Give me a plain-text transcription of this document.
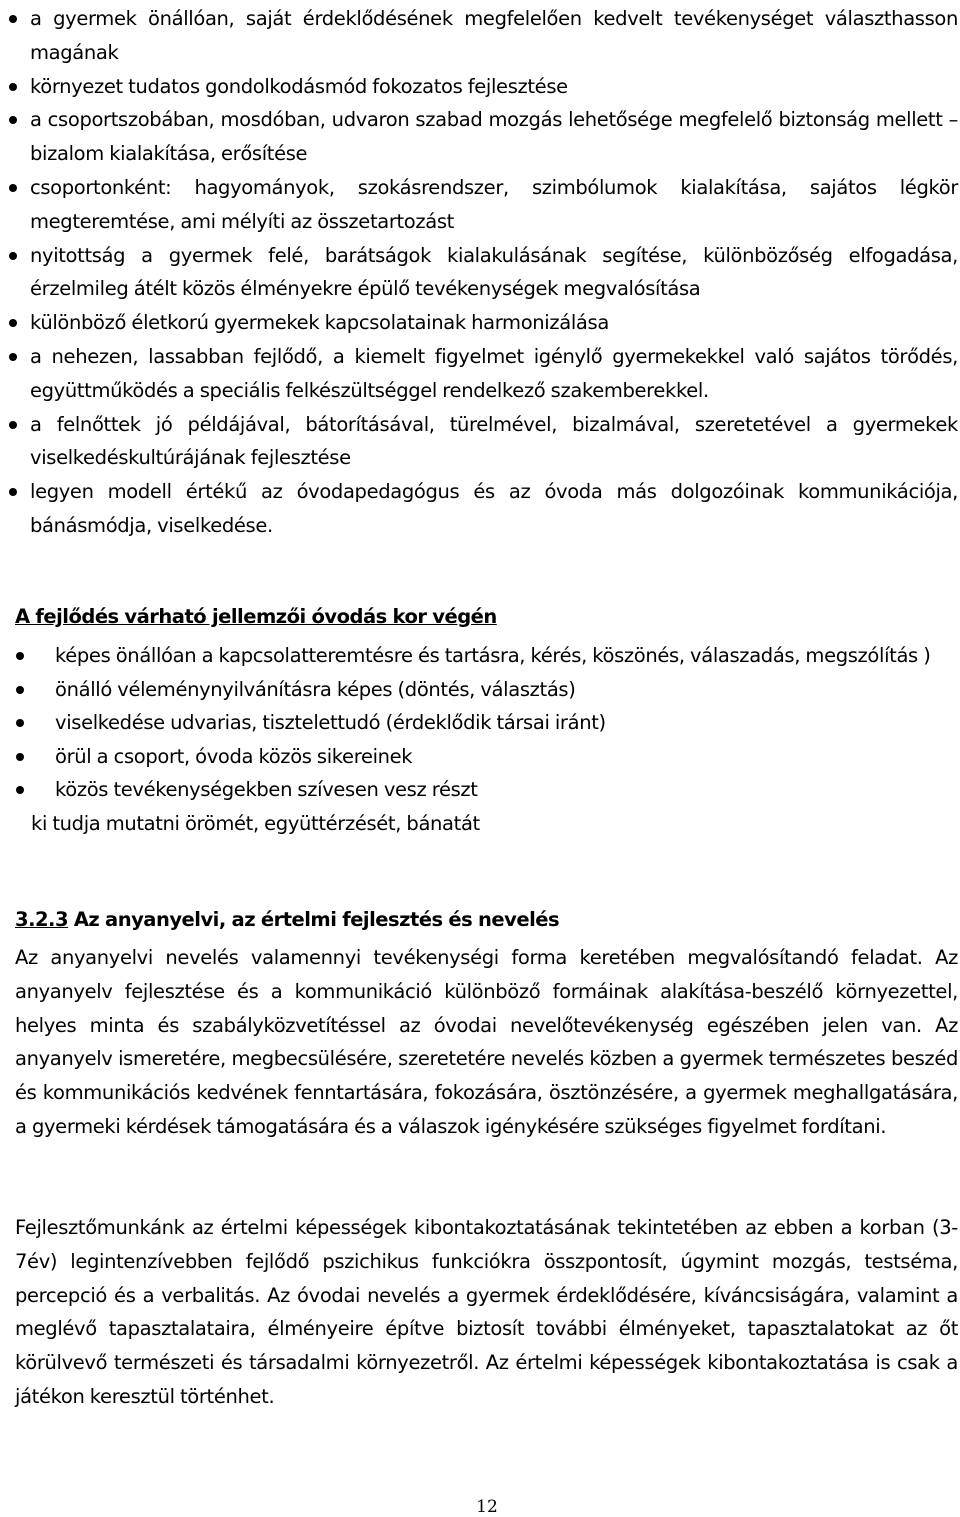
a gyermek önállóan, saját érdeklődésének megfelelően kedvelt tevékenységet választhasson magának
környezet tudatos gondolkodásmód fokozatos fejlesztése
a csoportszobában, mosdóban, udvaron szabad mozgás lehetősége megfelelő biztonság mellett – bizalom kialakítása, erősítése
csoportonként: hagyományok, szokásrendszer, szimbólumok kialakítása, sajátos légkör megteremtése, ami mélyíti az összetartozást
nyitottság a gyermek felé, barátságok kialakulásának segítése, különbözőség elfogadása, érzelmileg átélt közös élményekre épülő tevékenységek megvalósítása
különböző életkorú gyermekek kapcsolatainak harmonizálása
a nehezen, lassabban fejlődő, a kiemelt figyelmet igénylő gyermekekkel való sajátos törődés, együttműködés a speciális felkészültséggel rendelkező szakemberekkel.
a felnőttek jó példájával, bátorításával, türelmével, bizalmával, szeretetével a gyermekek viselkedéskultúrájának fejlesztése
legyen modell értékű az óvodapedagógus és az óvoda más dolgozóinak kommunikációja, bánásmódja, viselkedése.
A fejlődés várható jellemzői óvodás kor végén
képes önállóan a kapcsolatteremtésre és tartásra, kérés, köszönés, válaszadás, megszólítás )
önálló véleménynyilvánításra képes (döntés, választás)
viselkedése udvarias, tisztelettudó (érdeklődik társai iránt)
örül a csoport, óvoda közös sikereinek
közös tevékenységekben szívesen vesz részt
ki tudja mutatni örömét, együttérzését, bánatát
3.2.3 Az anyanyelvi, az értelmi fejlesztés és nevelés

Az anyanyelvi nevelés valamennyi tevékenységi forma keretében megvalósítandó feladat. Az anyanyelv fejlesztése és a kommunikáció különböző formáinak alakítása-beszélő környezettel, helyes minta és szabályközvetítéssel az óvodai nevelőtevékenység egészében jelen van. Az anyanyelv ismeretére, megbecsülésére, szeretetére nevelés közben a gyermek természetes beszéd és kommunikációs kedvének fenntartására, fokozására, ösztönzésére, a gyermek meghallgatására, a gyermeki kérdések támogatására és a válaszok igénykésére szükséges figyelmet fordítani.

Fejlesztőmunkánk az értelmi képességek kibontakoztatásának tekintetében az ebben a korban (3-7év) legintenzívebben fejlődő pszichikus funkciókra összpontosít, úgymint mozgás, testséma, percepció és a verbalitás. Az óvodai nevelés a gyermek érdeklődésére, kíváncsiságára, valamint a meglévő tapasztalataira, élményeire építve biztosít további élményeket, tapasztalatokat az őt körülvevő természeti és társadalmi környezetről. Az értelmi képességek kibontakoztatása is csak a játékon keresztül történhet.

12
